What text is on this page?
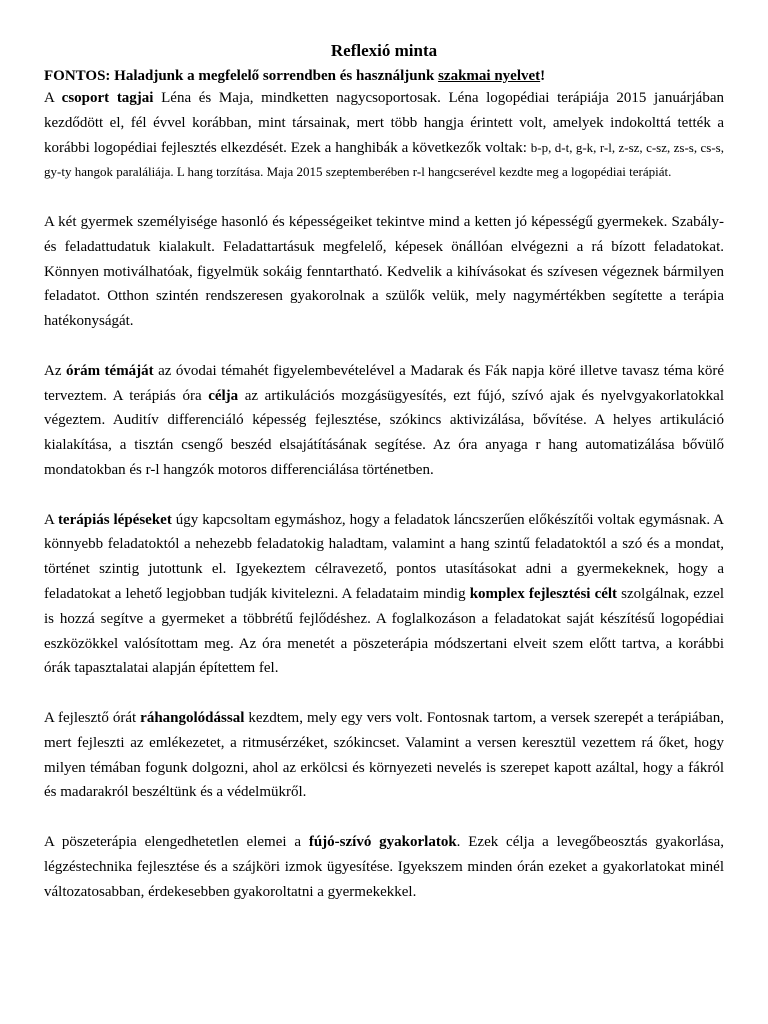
Reflexió minta

FONTOS: Haladjunk a megfelelő sorrendben és használjunk szakmai nyelvet!

A csoport tagjai Léna és Maja, mindketten nagycsoportosak. Léna logopédiai terápiája 2015 januárjában kezdődött el, fél évvel korábban, mint társainak, mert több hangja érintett volt, amelyek indokolttá tették a korábbi logopédiai fejlesztés elkezdését. Ezek a hanghibák a következők voltak: b-p, d-t, g-k, r-l, z-sz, c-sz, zs-s, cs-s, gy-ty hangok paraláliája. L hang torzítása. Maja 2015 szeptemberében r-l hangcserével kezdte meg a logopédiai terápiát.

A két gyermek személyisége hasonló és képességeiket tekintve mind a ketten jó képességű gyermekek. Szabály- és feladattudatuk kialakult. Feladattartásuk megfelelő, képesek önállóan elvégezni a rá bízott feladatokat. Könnyen motiválhatóak, figyelmük sokáig fenntartható. Kedvelik a kihívásokat és szívesen végeznek bármilyen feladatot. Otthon szintén rendszeresen gyakorolnak a szülők velük, mely nagymértékben segítette a terápia hatékonyságát.

Az órám témáját az óvodai témahét figyelembevételével a Madarak és Fák napja köré illetve tavasz téma köré terveztem. A terápiás óra célja az artikulációs mozgásügyesítés, ezt fújó, szívó ajak és nyelvgyakorlatokkal végeztem. Auditív differenciáló képesség fejlesztése, szókincs aktivizálása, bővítése. A helyes artikuláció kialakítása, a tisztán csengő beszéd elsajátításának segítése. Az óra anyaga r hang automatizálása bővülő mondatokban és r-l hangzók motoros differenciálása történetben.

A terápiás lépéseket úgy kapcsoltam egymáshoz, hogy a feladatok láncszerűen előkészítői voltak egymásnak. A könnyebb feladatoktól a nehezebb feladatokig haladtam, valamint a hang szintű feladatoktól a szó és a mondat, történet szintig jutottunk el. Igyekeztem célravezető, pontos utasításokat adni a gyermekeknek, hogy a feladatokat a lehető legjobban tudják kivitelezni. A feladataim mindig komplex fejlesztési célt szolgálnak, ezzel is hozzá segítve a gyermeket a többrétű fejlődéshez. A foglalkozáson a feladatokat saját készítésű logopédiai eszközökkel valósítottam meg. Az óra menetét a pöszeterápia módszertani elveit szem előtt tartva, a korábbi órák tapasztalatai alapján építettem fel.

A fejlesztő órát ráhangolódással kezdtem, mely egy vers volt. Fontosnak tartom, a versek szerepét a terápiában, mert fejleszti az emlékezetet, a ritmusérzéket, szókincset. Valamint a versen keresztül vezettem rá őket, hogy milyen témában fogunk dolgozni, ahol az erkölcsi és környezeti nevelés is szerepet kapott azáltal, hogy a fákról és madarakról beszéltünk és a védelmükről.

A pöszeterápia elengedhetetlen elemei a fújó-szívó gyakorlatok. Ezek célja a levegőbeosztás gyakorlása, légzéstechnika fejlesztése és a szájköri izmok ügyesítése. Igyekszem minden órán ezeket a gyakorlatokat minél változatosabban, érdekesebben gyakoroltatni a gyermekekkel.
